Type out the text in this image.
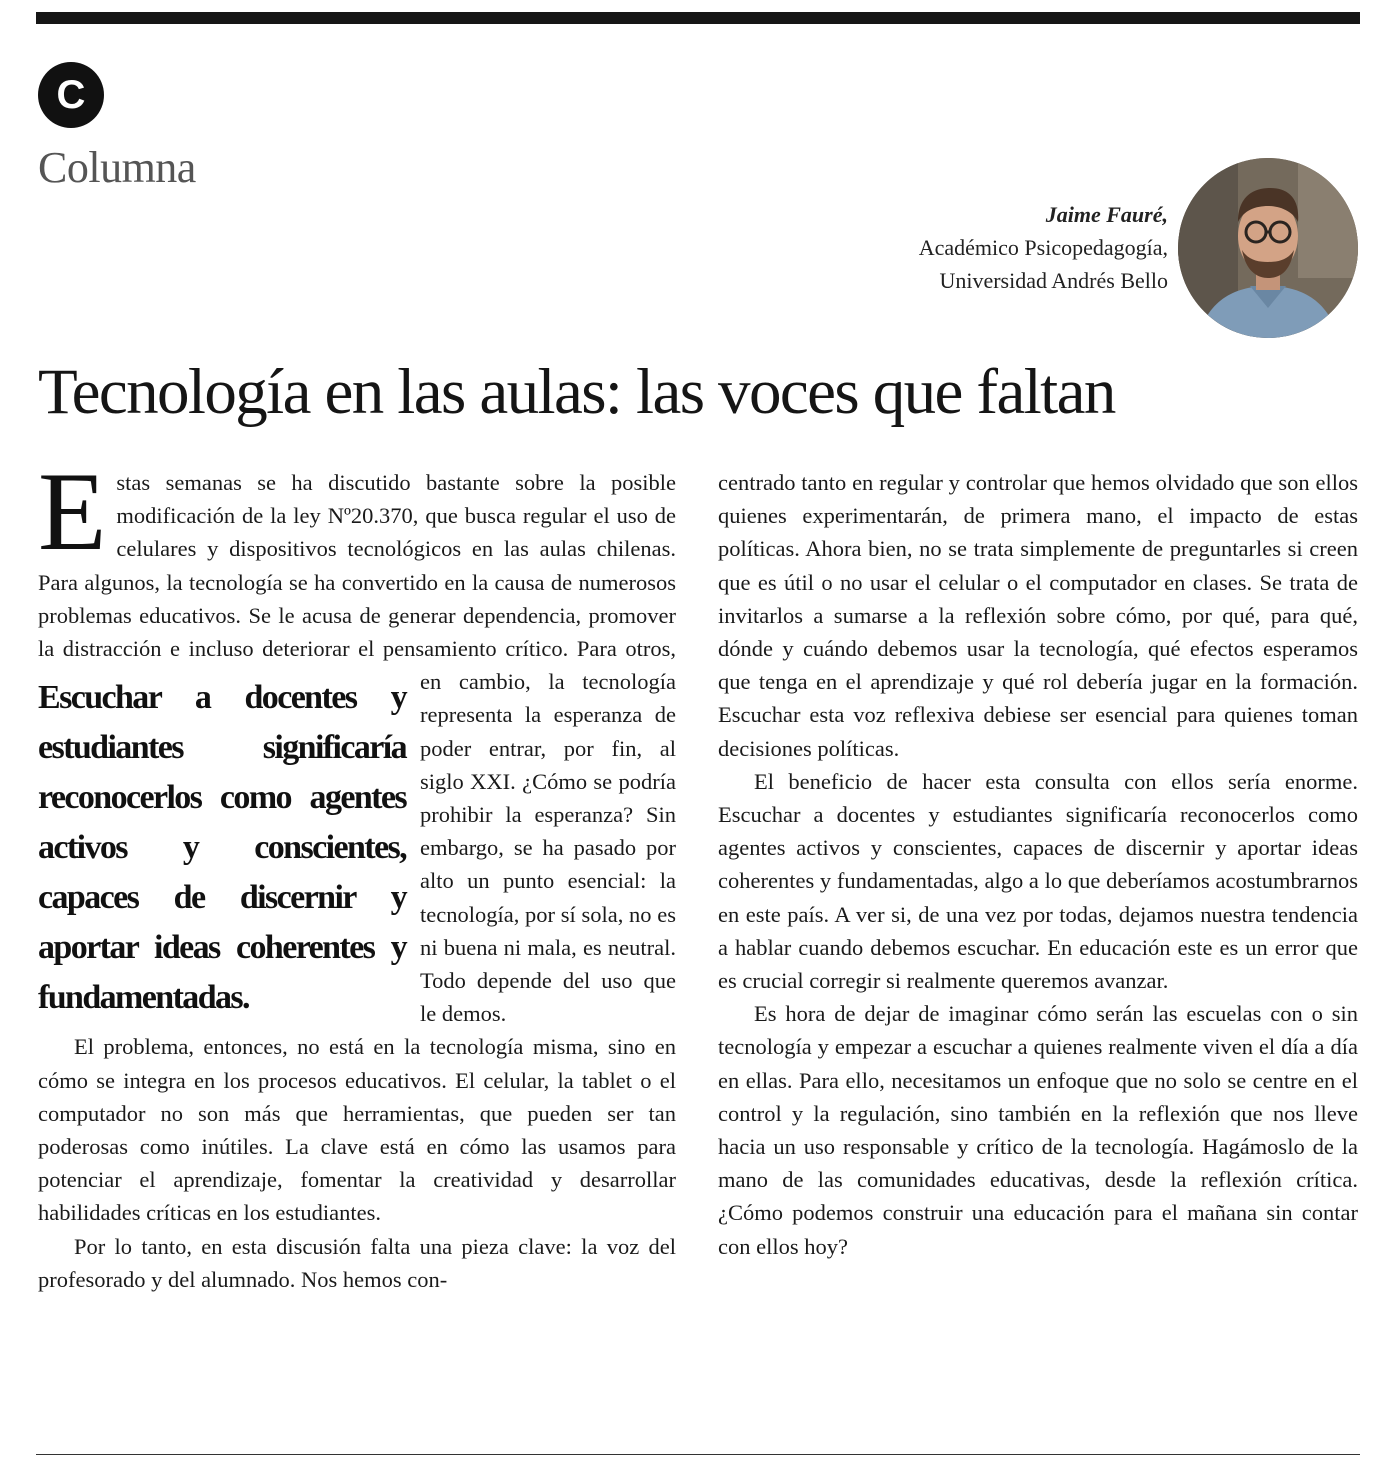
C
Columna
Jaime Fauré,
Académico Psicopedagogía,
Universidad Andrés Bello
Tecnología en las aulas: las voces que faltan

Estas semanas se ha discutido bastante sobre la posible modificación de la ley Nº20.370, que busca regular el uso de celulares y dispositivos tecnológicos en las aulas chilenas. Para algunos, la tecnología se ha convertido en la causa de numerosos problemas educativos. Se le acusa de generar dependencia, promover la distracción e incluso deteriorar el pensamiento crítico. Para
Escuchar a docentes y estudiantes significaría reconocerlos como agentes activos y conscientes, capaces de discernir y aportar ideas coherentes y fundamentadas.
otros, en cambio, la tecnología representa la esperanza de poder entrar, por fin, al siglo XXI. ¿Cómo se podría prohibir la esperanza? Sin embargo, se ha pasado por alto un punto esencial: la tecnología, por sí sola, no es ni buena ni mala, es neutral. Todo depende del uso que le demos.

El problema, entonces, no está en la tecnología misma, sino en cómo se integra en los procesos educativos. El celular, la tablet o el computador no son más que herramientas, que pueden ser tan poderosas como inútiles. La clave está en cómo las usamos para potenciar el aprendizaje, fomentar la creatividad y desarrollar habilidades críticas en los estudiantes.

Por lo tanto, en esta discusión falta una pieza clave: la voz del profesorado y del alumnado. Nos hemos con-

centrado tanto en regular y controlar que hemos olvidado que son ellos quienes experimentarán, de primera mano, el impacto de estas políticas. Ahora bien, no se trata simplemente de preguntarles si creen que es útil o no usar el celular o el computador en clases. Se trata de invitarlos a sumarse a la reflexión sobre cómo, por qué, para qué, dónde y cuándo debemos usar la tecnología, qué efectos esperamos que tenga en el aprendizaje y qué rol debería jugar en la formación. Escuchar esta voz reflexiva debiese ser esencial para quienes toman decisiones políticas.

El beneficio de hacer esta consulta con ellos sería enorme. Escuchar a docentes y estudiantes significaría reconocerlos como agentes activos y conscientes, capaces de discernir y aportar ideas coherentes y fundamentadas, algo a lo que deberíamos acostumbrarnos en este país. A ver si, de una vez por todas, dejamos nuestra tendencia a hablar cuando debemos escuchar. En educación este es un error que es crucial corregir si realmente queremos avanzar.

Es hora de dejar de imaginar cómo serán las escuelas con o sin tecnología y empezar a escuchar a quienes realmente viven el día a día en ellas. Para ello, necesitamos un enfoque que no solo se centre en el control y la regulación, sino también en la reflexión que nos lleve hacia un uso responsable y crítico de la tecnología. Hagámoslo de la mano de las comunidades educativas, desde la reflexión crítica. ¿Cómo podemos construir una educación para el mañana sin contar con ellos hoy?
